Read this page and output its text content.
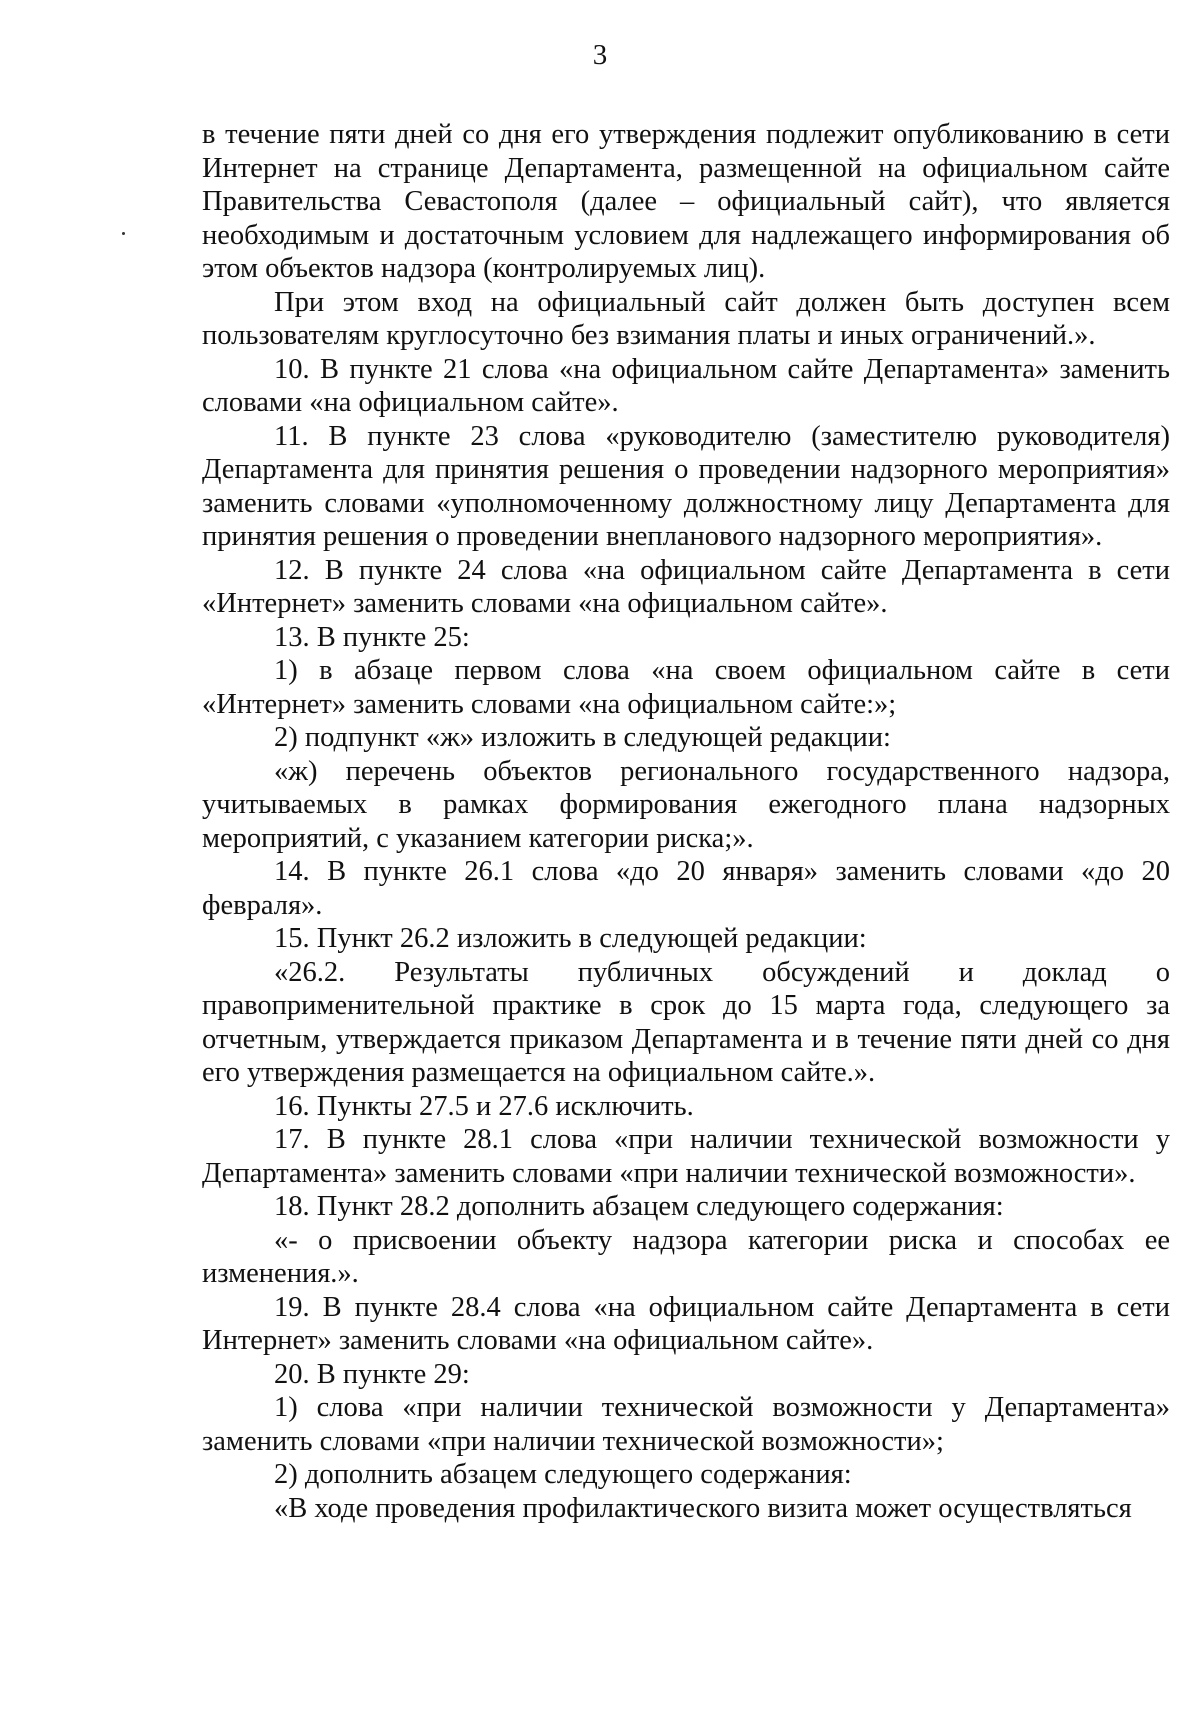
3

в течение пяти дней со дня его утверждения подлежит опубликованию в сети Интернет на странице Департамента, размещенной на официальном сайте Правительства Севастополя (далее – официальный сайт), что является необходимым и достаточным условием для надлежащего информирования об этом объектов надзора (контролируемых лиц).

При этом вход на официальный сайт должен быть доступен всем пользователям круглосуточно без взимания платы и иных ограничений.».

10. В пункте 21 слова «на официальном сайте Департамента» заменить словами «на официальном сайте».

11. В пункте 23 слова «руководителю (заместителю руководителя) Департамента для принятия решения о проведении надзорного мероприятия» заменить словами «уполномоченному должностному лицу Департамента для принятия решения о проведении внепланового надзорного мероприятия».

12. В пункте 24 слова «на официальном сайте Департамента в сети «Интернет» заменить словами «на официальном сайте».

13. В пункте 25:

1) в абзаце первом слова «на своем официальном сайте в сети «Интернет» заменить словами «на официальном сайте:»;

2) подпункт «ж» изложить в следующей редакции:

«ж) перечень объектов регионального государственного надзора, учитываемых в рамках формирования ежегодного плана надзорных мероприятий, с указанием категории риска;».

14. В пункте 26.1 слова «до 20 января» заменить словами «до 20 февраля».

15. Пункт 26.2 изложить в следующей редакции:

«26.2. Результаты публичных обсуждений и доклад о правоприменительной практике в срок до 15 марта года, следующего за отчетным, утверждается приказом Департамента и в течение пяти дней со дня его утверждения размещается на официальном сайте.».

16. Пункты 27.5 и 27.6 исключить.

17. В пункте 28.1 слова «при наличии технической возможности у Департамента» заменить словами «при наличии технической возможности».

18. Пункт 28.2 дополнить абзацем следующего содержания:

«- о присвоении объекту надзора категории риска и способах ее изменения.».

19. В пункте 28.4 слова «на официальном сайте Департамента в сети Интернет» заменить словами «на официальном сайте».

20. В пункте 29:

1) слова «при наличии технической возможности у Департамента» заменить словами «при наличии технической возможности»;

2) дополнить абзацем следующего содержания:

«В ходе проведения профилактического визита может осуществляться
